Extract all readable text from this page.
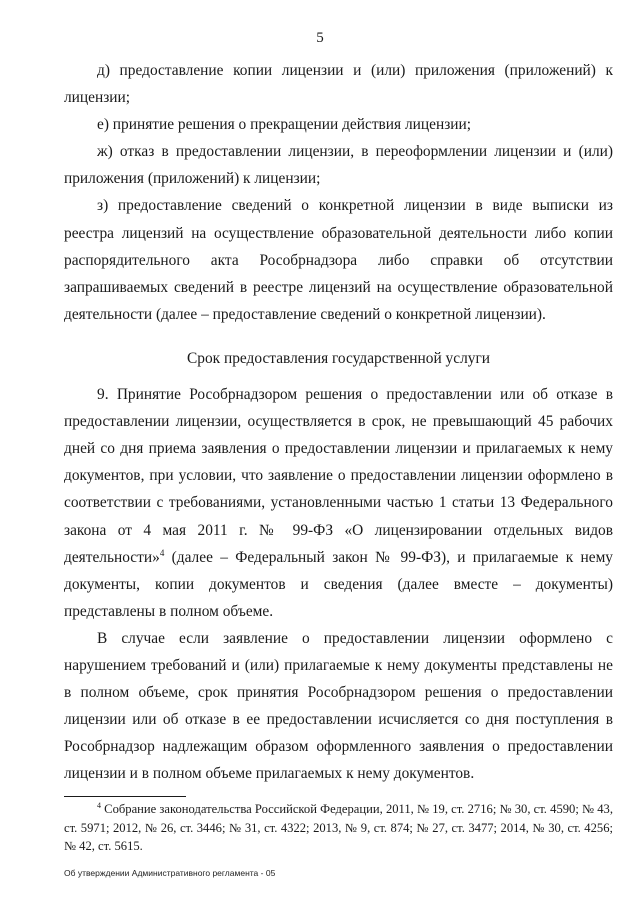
5

д) предоставление копии лицензии и (или) приложения (приложений) к лицензии;

е) принятие решения о прекращении действия лицензии;

ж) отказ в предоставлении лицензии, в переоформлении лицензии и (или) приложения (приложений) к лицензии;

з) предоставление сведений о конкретной лицензии в виде выписки из реестра лицензий на осуществление образовательной деятельности либо копии распорядительного акта Рособрнадзора либо справки об отсутствии запрашиваемых сведений в реестре лицензий на осуществление образовательной деятельности (далее – предоставление сведений о конкретной лицензии).

Срок предоставления государственной услуги

9. Принятие Рособрнадзором решения о предоставлении или об отказе в предоставлении лицензии, осуществляется в срок, не превышающий 45 рабочих дней со дня приема заявления о предоставлении лицензии и прилагаемых к нему документов, при условии, что заявление о предоставлении лицензии оформлено в соответствии с требованиями, установленными частью 1 статьи 13 Федерального закона от 4 мая 2011 г. № 99-ФЗ «О лицензировании отдельных видов деятельности»$^4$ (далее – Федеральный закон № 99-ФЗ), и прилагаемые к нему документы, копии документов и сведения (далее вместе – документы) представлены в полном объеме.

В случае если заявление о предоставлении лицензии оформлено с нарушением требований и (или) прилагаемые к нему документы представлены не в полном объеме, срок принятия Рособрнадзором решения о предоставлении лицензии или об отказе в ее предоставлении исчисляется со дня поступления в Рособрнадзор надлежащим образом оформленного заявления о предоставлении лицензии и в полном объеме прилагаемых к нему документов.

$^4$ Собрание законодательства Российской Федерации, 2011, № 19, ст. 2716; № 30, ст. 4590; № 43, ст. 5971; 2012, № 26, ст. 3446; № 31, ст. 4322; 2013, № 9, ст. 874; № 27, ст. 3477; 2014, № 30, ст. 4256; № 42, ст. 5615.

Об утверждении Административного регламента - 05
